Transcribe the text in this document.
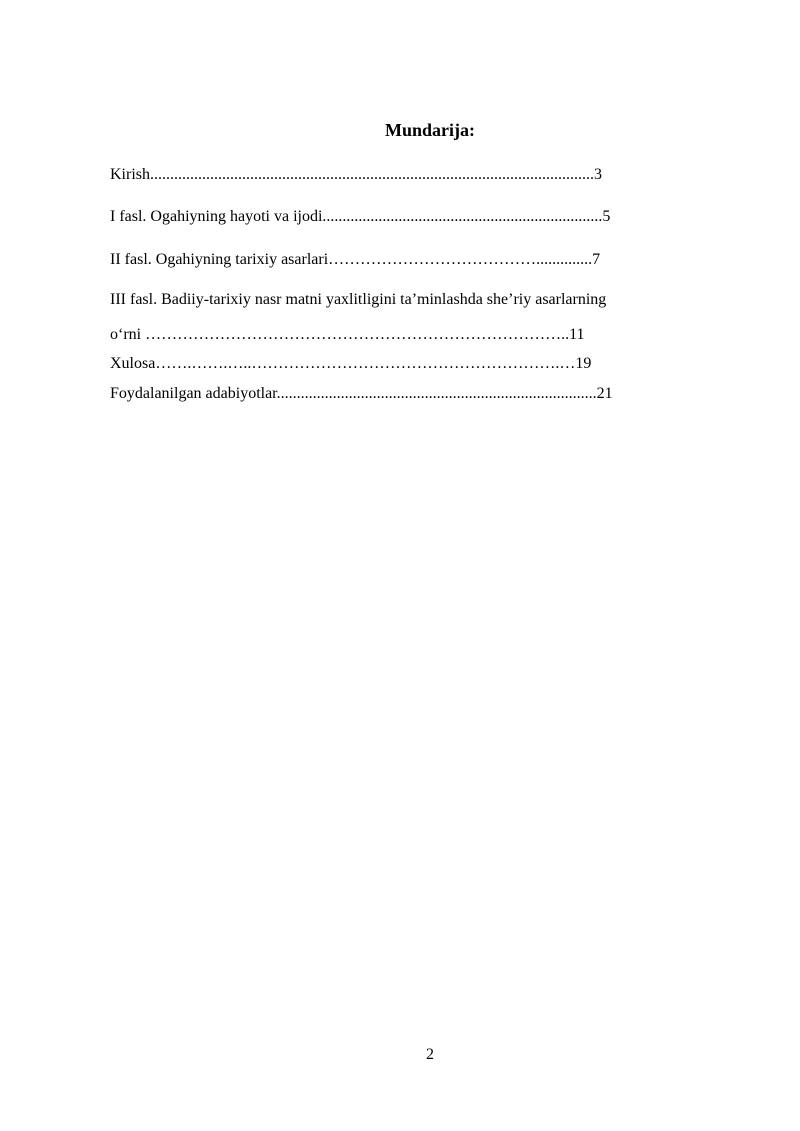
Mundarija:
Kirish...............................................................................................................3
I fasl. Ogahiyning hayoti va ijodi......................................................................5
II fasl. Ogahiyning tarixiy asarlari…………………………………..............7
III fasl. Badiiy-tarixiy nasr matni yaxlitligini ta’minlashda she’riy asarlarning
o‘rni ……………………………………………………………………..11
Xulosa…….…….…..………………………………………………….…19
Foydalanilgan adabiyotlar................................................................................21
2
